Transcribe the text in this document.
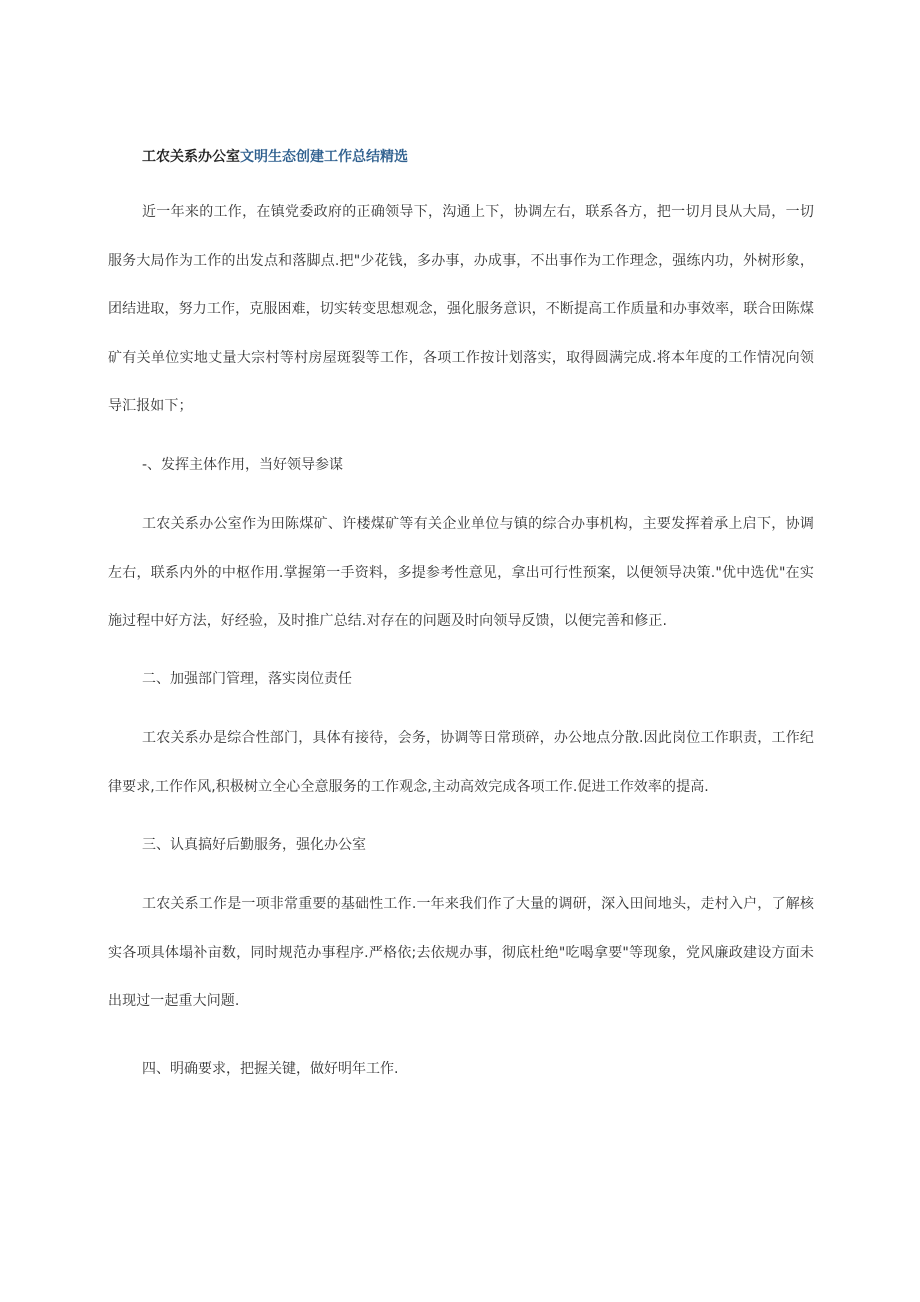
工农关系办公室文明生态创建工作总结精选

近一年来的工作，在镇党委政府的正确领导下，沟通上下，协调左右，联系各方，把一切月艮从大局，一切服务大局作为工作的出发点和落脚点.把"少花钱，多办事，办成事，不出事作为工作理念，强练内功，外树形象，团结进取，努力工作，克服困难，切实转变思想观念，强化服务意识，不断提高工作质量和办事效率，联合田陈煤矿有关单位实地丈量大宗村等村房屋斑裂等工作，各项工作按计划落实，取得圆满完成.将本年度的工作情况向领导汇报如下；

-、发挥主体作用，当好领导参谋

工农关系办公室作为田陈煤矿、许楼煤矿等有关企业单位与镇的综合办事机构，主要发挥着承上启下，协调左右，联系内外的中枢作用.掌握第一手资料，多提参考性意见，拿出可行性预案，以便领导决策."优中选优"在实施过程中好方法，好经验，及时推广总结.对存在的问题及时向领导反馈，以便完善和修正.

二、加强部门管理，落实岗位责任

工农关系办是综合性部门，具体有接待，会务，协调等日常琐碎，办公地点分散.因此岗位工作职责，工作纪律要求,工作作风,积极树立全心全意服务的工作观念,主动高效完成各项工作.促进工作效率的提高.

三、认真搞好后勤服务，强化办公室

工农关系工作是一项非常重要的基础性工作.一年来我们作了大量的调研，深入田间地头，走村入户，了解核实各项具体塌补亩数，同时规范办事程序.严格依;去依规办事，彻底杜绝"吃喝拿要"等现象，党风廉政建设方面未出现过一起重大问题.

四、明确要求，把握关键，做好明年工作.
